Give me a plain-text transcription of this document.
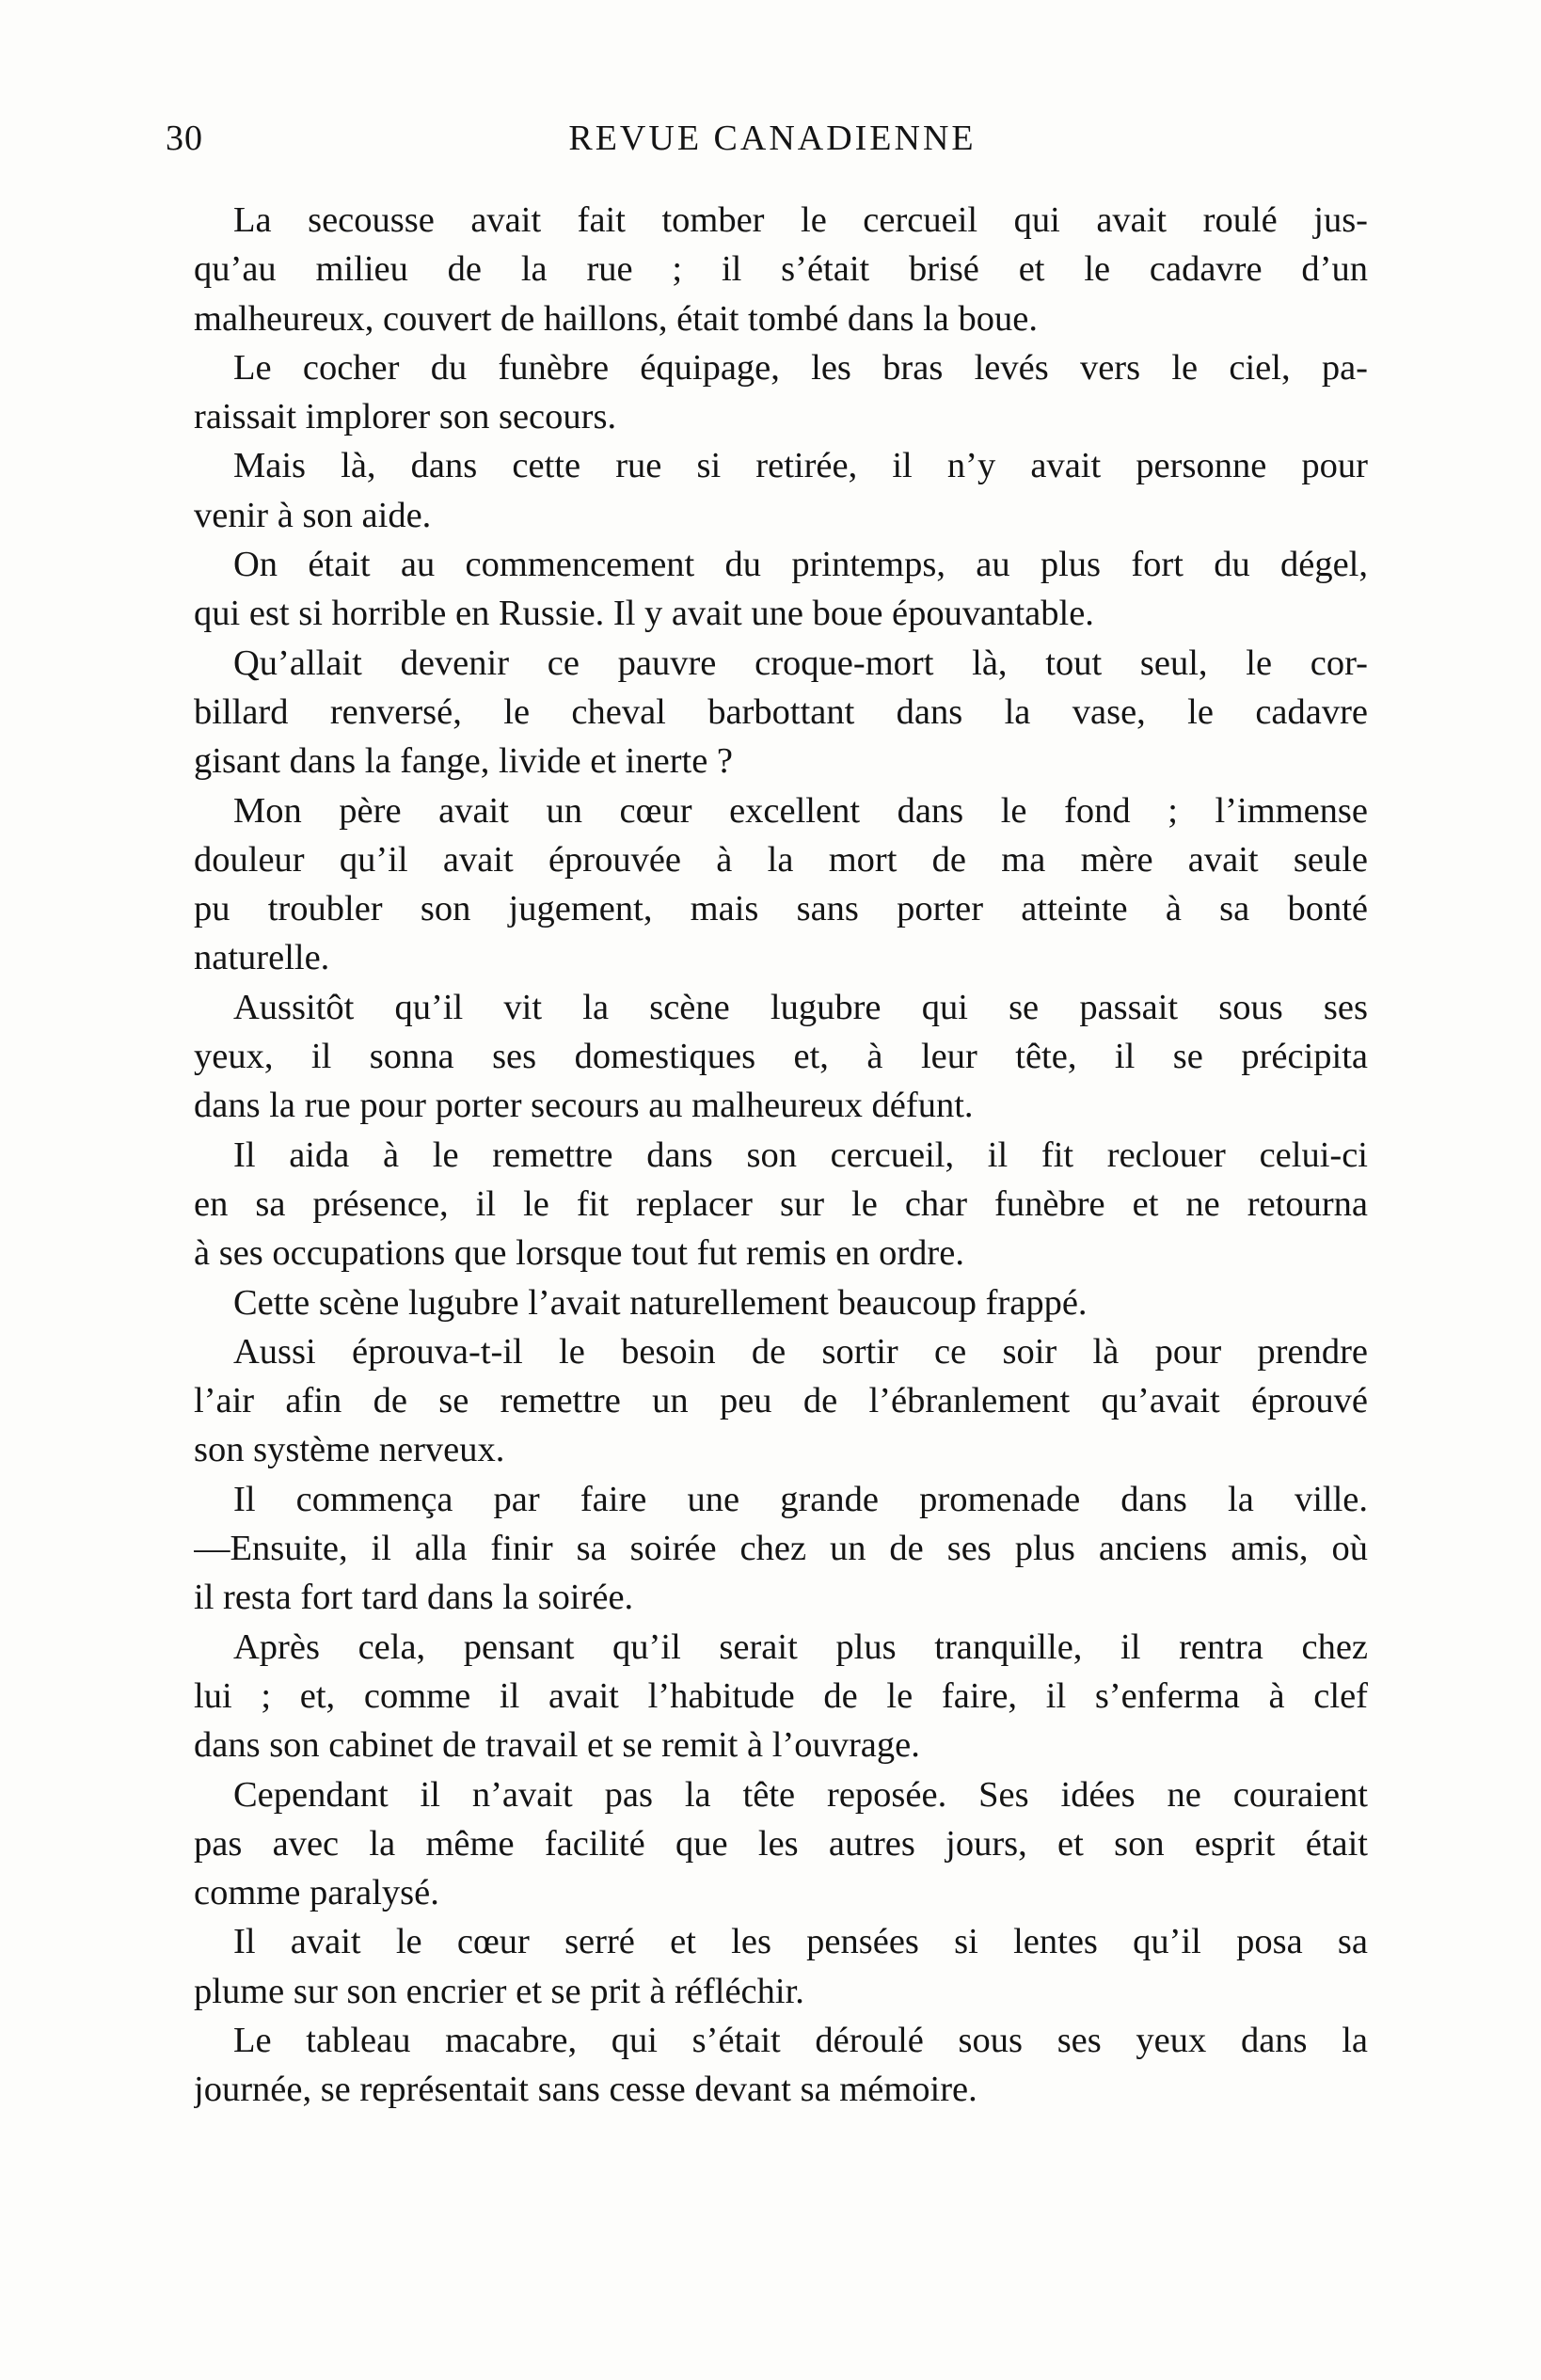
30	REVUE CANADIENNE
La secousse avait fait tomber le cercueil qui avait roulé jus-
qu’au milieu de la rue ; il s’était brisé et le cadavre d’un
malheureux, couvert de haillons, était tombé dans la boue.
Le cocher du funèbre équipage, les bras levés vers le ciel, pa-
raissait implorer son secours.
Mais là, dans cette rue si retirée, il n’y avait personne pour
venir à son aide.
On était au commencement du printemps, au plus fort du dégel,
qui est si horrible en Russie. Il y avait une boue épouvantable.
Qu’allait devenir ce pauvre croque-mort là, tout seul, le cor-
billard renversé, le cheval barbottant dans la vase, le cadavre
gisant dans la fange, livide et inerte ?
Mon père avait un cœur excellent dans le fond ; l’immense
douleur qu’il avait éprouvée à la mort de ma mère avait seule
pu troubler son jugement, mais sans porter atteinte à sa bonté
naturelle.
Aussitôt qu’il vit la scène lugubre qui se passait sous ses
yeux, il sonna ses domestiques et, à leur tête, il se précipita
dans la rue pour porter secours au malheureux défunt.
Il aida à le remettre dans son cercueil, il fit reclouer celui-ci
en sa présence, il le fit replacer sur le char funèbre et ne retourna
à ses occupations que lorsque tout fut remis en ordre.
Cette scène lugubre l’avait naturellement beaucoup frappé.
Aussi éprouva-t-il le besoin de sortir ce soir là pour prendre
l’air afin de se remettre un peu de l’ébranlement qu’avait éprouvé
son système nerveux.
Il commença par faire une grande promenade dans la ville.
—Ensuite, il alla finir sa soirée chez un de ses plus anciens amis, où
il resta fort tard dans la soirée.
Après cela, pensant qu’il serait plus tranquille, il rentra chez
lui ; et, comme il avait l’habitude de le faire, il s’enferma à clef
dans son cabinet de travail et se remit à l’ouvrage.
Cependant il n’avait pas la tête reposée. Ses idées ne couraient
pas avec la même facilité que les autres jours, et son esprit était
comme paralysé.
Il avait le cœur serré et les pensées si lentes qu’il posa sa
plume sur son encrier et se prit à réfléchir.
Le tableau macabre, qui s’était déroulé sous ses yeux dans la
journée, se représentait sans cesse devant sa mémoire.
